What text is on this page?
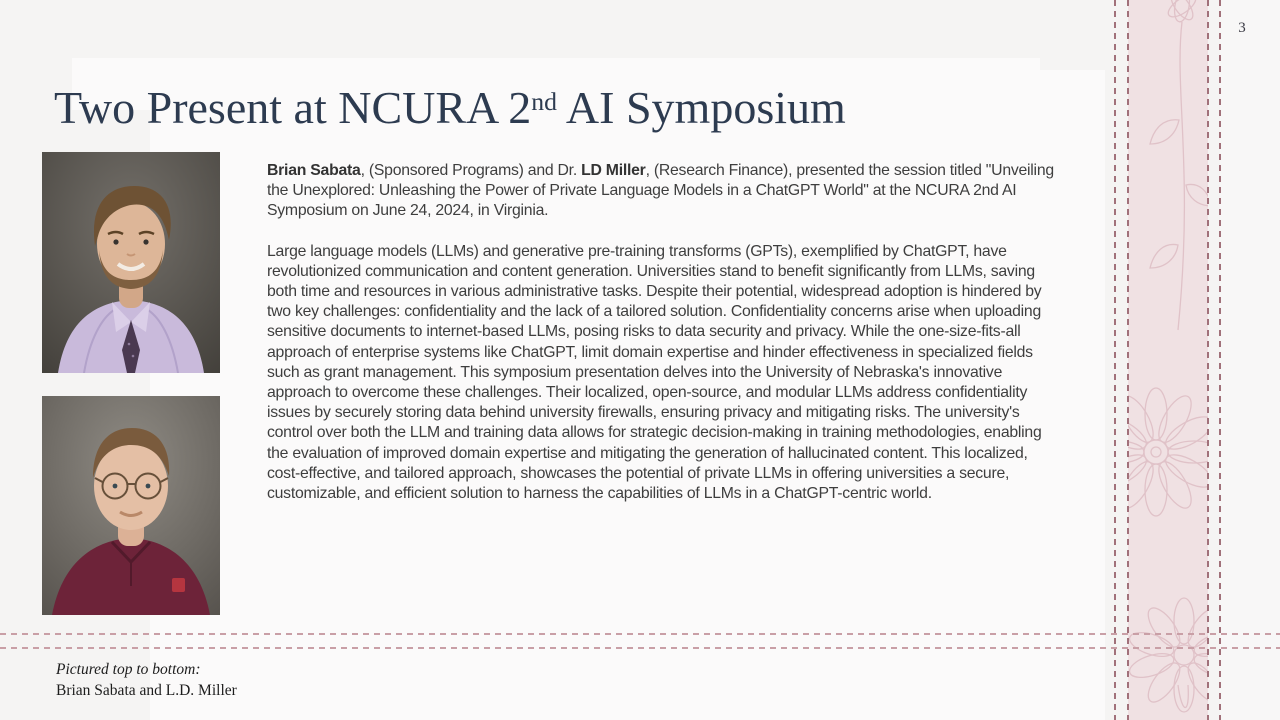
3
Two Present at NCURA 2nd AI Symposium

Brian Sabata, (Sponsored Programs) and Dr. LD Miller, (Research Finance), presented the session titled "Unveiling the Unexplored: Unleashing the Power of Private Language Models in a ChatGPT World" at the NCURA 2nd AI Symposium on June 24, 2024, in Virginia.

Large language models (LLMs) and generative pre-training transforms (GPTs), exemplified by ChatGPT, have revolutionized communication and content generation. Universities stand to benefit significantly from LLMs, saving both time and resources in various administrative tasks. Despite their potential, widespread adoption is hindered by two key challenges: confidentiality and the lack of a tailored solution. Confidentiality concerns arise when uploading sensitive documents to internet-based LLMs, posing risks to data security and privacy. While the one-size-fits-all approach of enterprise systems like ChatGPT, limit domain expertise and hinder effectiveness in specialized fields such as grant management. This symposium presentation delves into the University of Nebraska's innovative approach to overcome these challenges. Their localized, open-source, and modular LLMs address confidentiality issues by securely storing data behind university firewalls, ensuring privacy and mitigating risks. The university's control over both the LLM and training data allows for strategic decision-making in training methodologies, enabling the evaluation of improved domain expertise and mitigating the generation of hallucinated content. This localized, cost-effective, and tailored approach, showcases the potential of private LLMs in offering universities a secure, customizable, and efficient solution to harness the capabilities of LLMs in a ChatGPT-centric world.

Pictured top to bottom:
Brian Sabata and L.D. Miller
